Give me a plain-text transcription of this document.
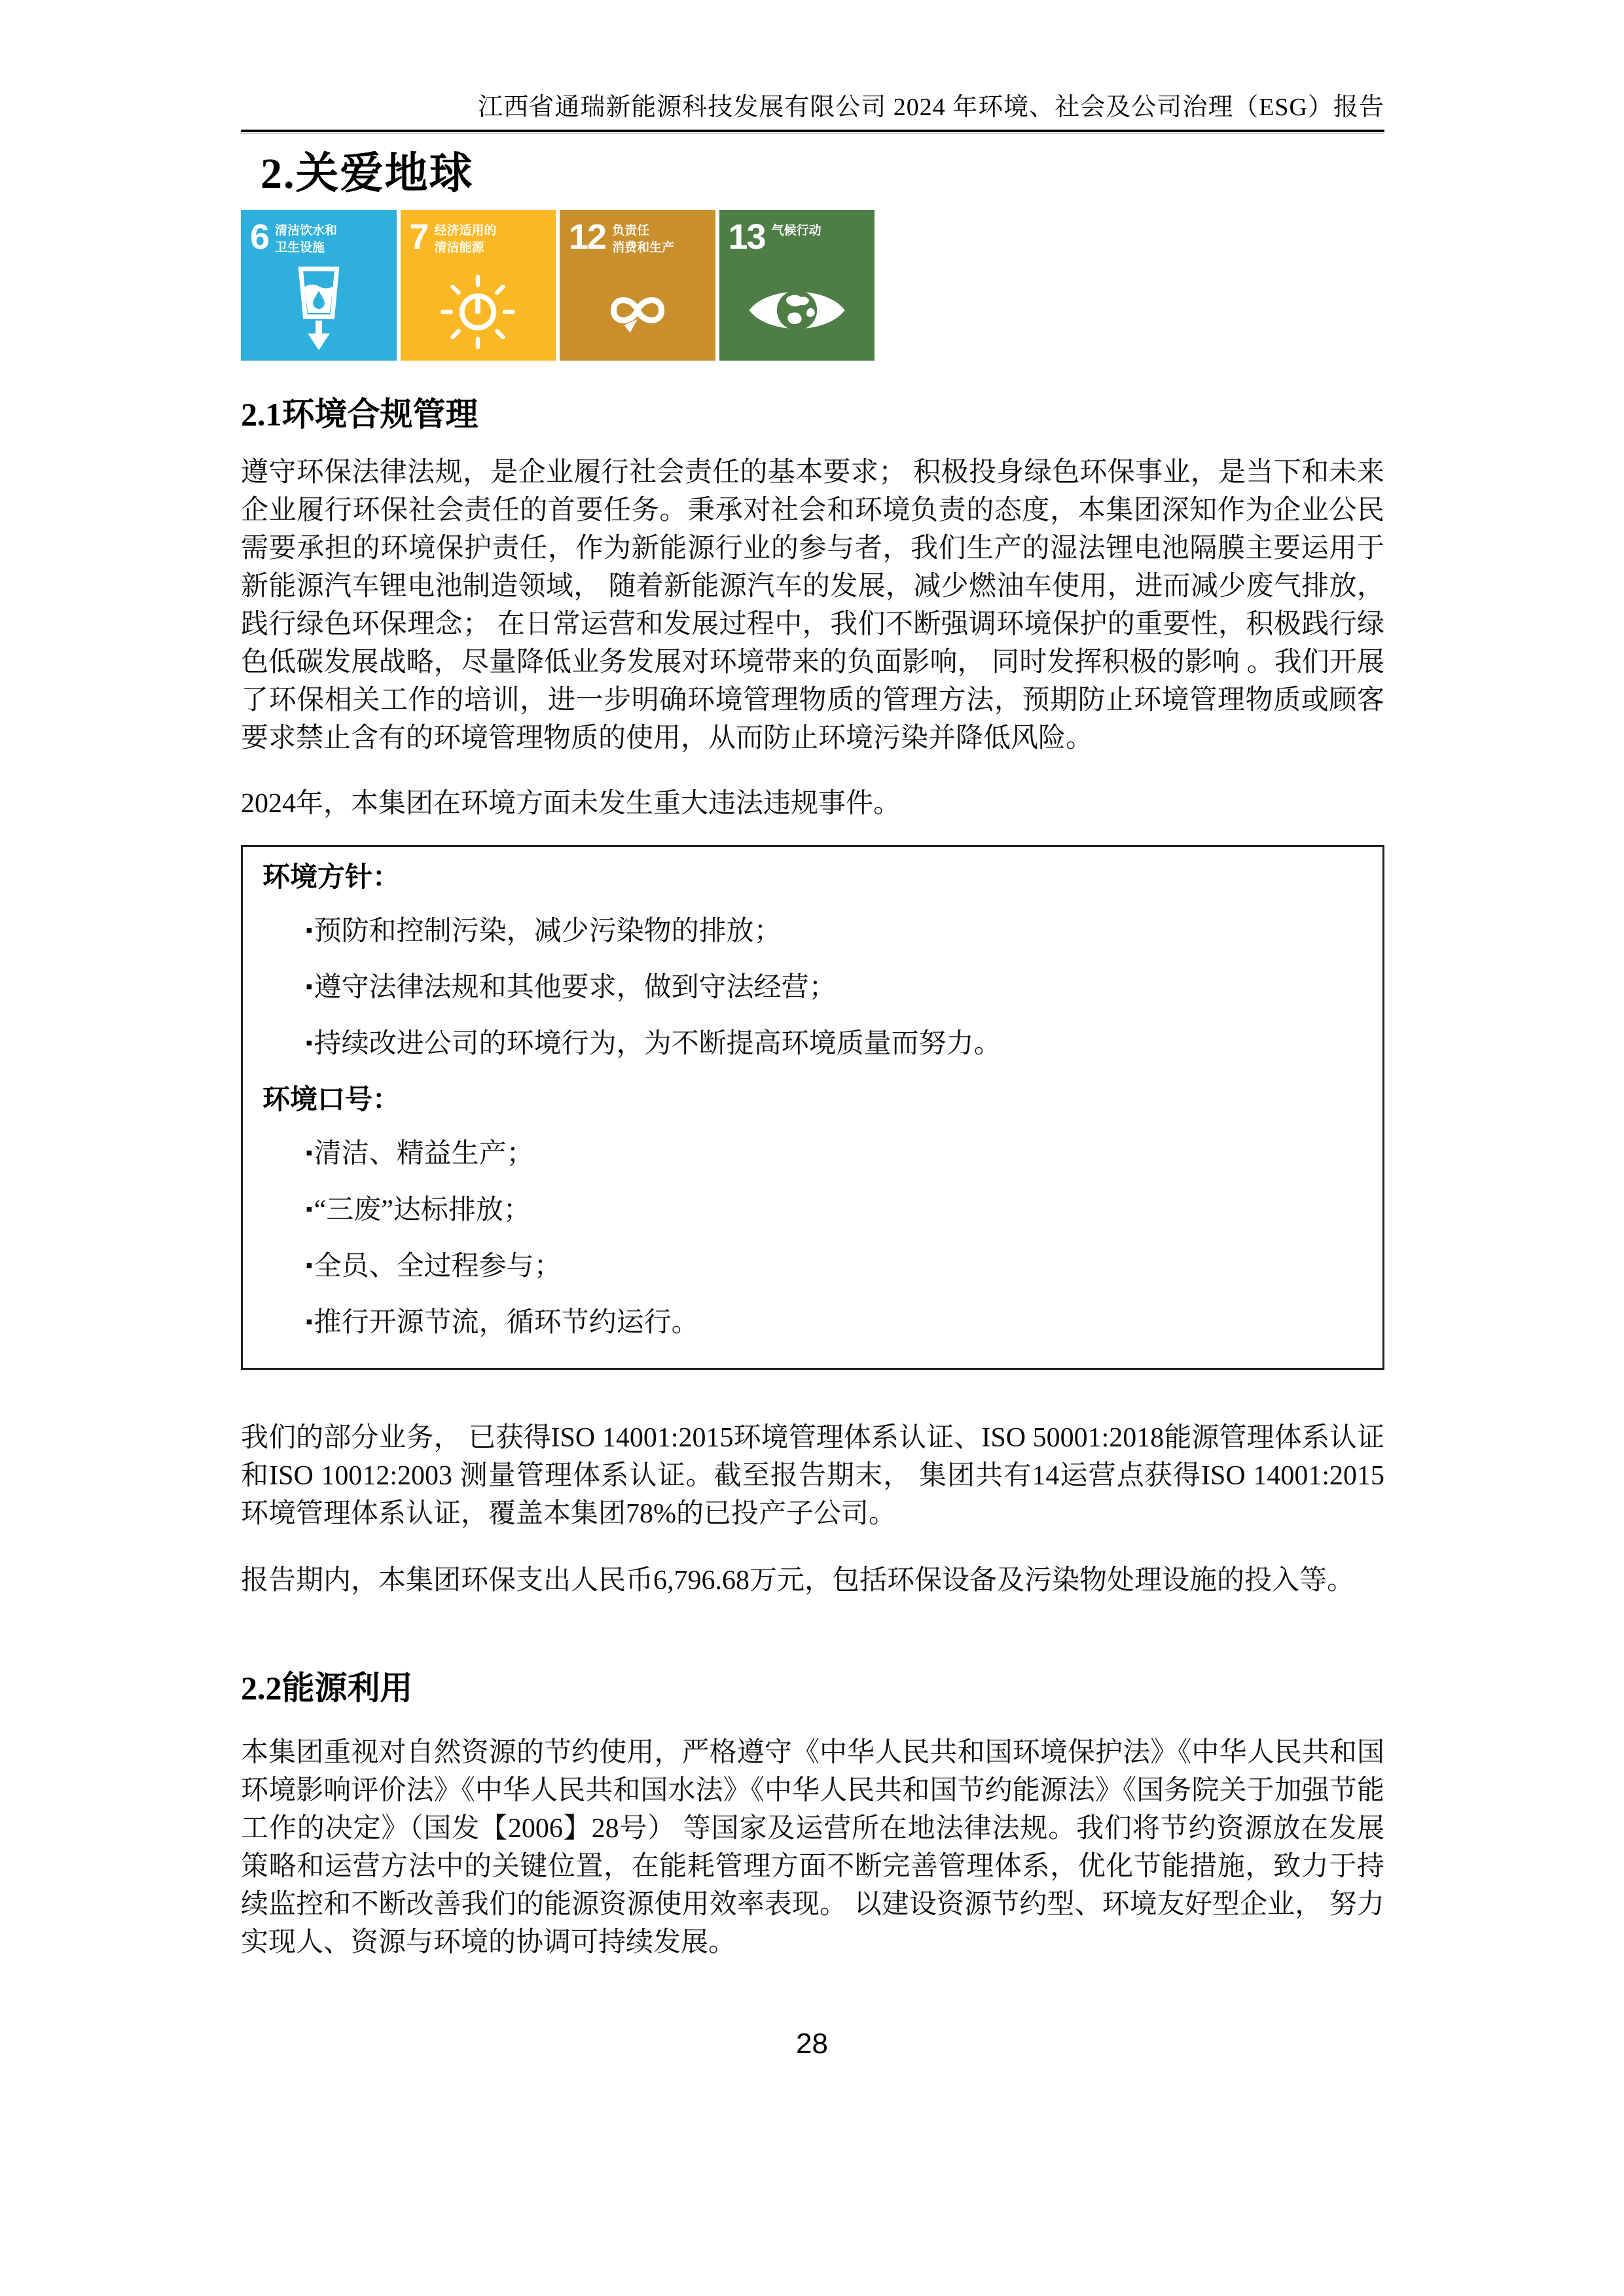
江西省通瑞新能源科技发展有限公司 2024 年环境、社会及公司治理（ESG）报告
2.关爱地球
6 清洁饮水和
卫生设施	7 经济适用的
清洁能源	12 负责任
消费和生产 13 气候行动
2.1环境合规管理

遵守环保法律法规，是企业履行社会责任的基本要求； 积极投身绿色环保事业，是当下和未来企业履行环保社会责任的首要任务。秉承对社会和环境负责的态度，本集团深知作为企业公民需要承担的环境保护责任，作为新能源行业的参与者，我们生产的湿法锂电池隔膜主要运用于新能源汽车锂电池制造领域， 随着新能源汽车的发展，减少燃油车使用，进而减少废气排放，践行绿色环保理念； 在日常运营和发展过程中，我们不断强调环境保护的重要性，积极践行绿色低碳发展战略，尽量降低业务发展对环境带来的负面影响， 同时发挥积极的影响 。我们开展了环保相关工作的培训，进一步明确环境管理物质的管理方法，预期防止环境管理物质或顾客要求禁止含有的环境管理物质的使用，从而防止环境污染并降低风险。

2024年，本集团在环境方面未发生重大违法违规事件。

环境方针：
▪预防和控制污染，减少污染物的排放；
▪遵守法律法规和其他要求，做到守法经营；
▪持续改进公司的环境行为，为不断提高环境质量而努力。
环境口号：
▪清洁、精益生产；
▪“三废”达标排放；
▪全员、全过程参与；
▪推行开源节流，循环节约运行。

我们的部分业务， 已获得ISO 14001:2015环境管理体系认证、ISO 50001:2018能源管理体系认证和ISO 10012:2003 测量管理体系认证。截至报告期末， 集团共有14运营点获得ISO 14001:2015环境管理体系认证，覆盖本集团78%的已投产子公司。

报告期内，本集团环保支出人民币6,796.68万元，包括环保设备及污染物处理设施的投入等。

2.2能源利用

本集团重视对自然资源的节约使用，严格遵守《中华人民共和国环境保护法》《中华人民共和国环境影响评价法》《中华人民共和国水法》《中华人民共和国节约能源法》《国务院关于加强节能工作的决定》（国发【2006】28号） 等国家及运营所在地法律法规。我们将节约资源放在发展策略和运营方法中的关键位置，在能耗管理方面不断完善管理体系，优化节能措施，致力于持续监控和不断改善我们的能源资源使用效率表现。 以建设资源节约型、环境友好型企业， 努力实现人、资源与环境的协调可持续发展。

28
